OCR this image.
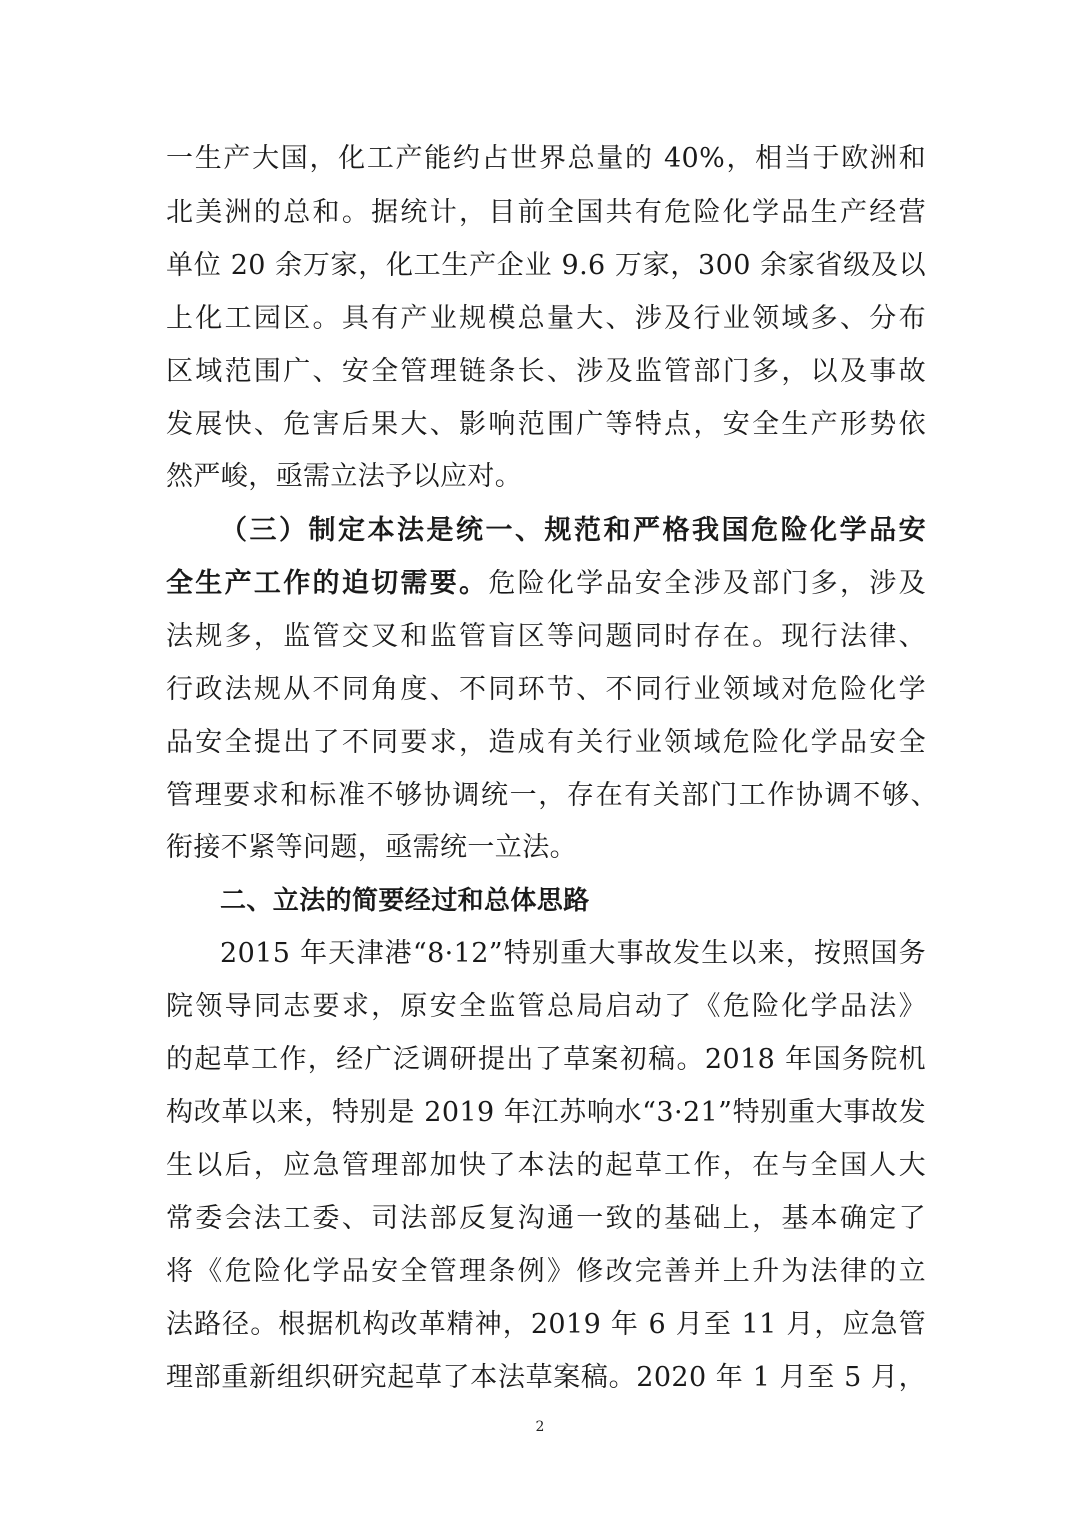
一生产大国，化工产能约占世界总量的 40%，相当于欧洲和
北美洲的总和。据统计，目前全国共有危险化学品生产经营
单位 20 余万家，化工生产企业 9.6 万家，300 余家省级及以
上化工园区。具有产业规模总量大、涉及行业领域多、分布
区域范围广、安全管理链条长、涉及监管部门多，以及事故
发展快、危害后果大、影响范围广等特点，安全生产形势依
然严峻，亟需立法予以应对。
（三）制定本法是统一、规范和严格我国危险化学品安
全生产工作的迫切需要。危险化学品安全涉及部门多，涉及
法规多，监管交叉和监管盲区等问题同时存在。现行法律、
行政法规从不同角度、不同环节、不同行业领域对危险化学
品安全提出了不同要求，造成有关行业领域危险化学品安全
管理要求和标准不够协调统一，存在有关部门工作协调不够、
衔接不紧等问题，亟需统一立法。
二、立法的简要经过和总体思路
2015 年天津港“8·12”特别重大事故发生以来，按照国务
院领导同志要求，原安全监管总局启动了《危险化学品法》
的起草工作，经广泛调研提出了草案初稿。2018 年国务院机
构改革以来，特别是 2019 年江苏响水“3·21”特别重大事故发
生以后，应急管理部加快了本法的起草工作，在与全国人大
常委会法工委、司法部反复沟通一致的基础上，基本确定了
将《危险化学品安全管理条例》修改完善并上升为法律的立
法路径。根据机构改革精神，2019 年 6 月至 11 月，应急管
理部重新组织研究起草了本法草案稿。2020 年 1 月至 5 月，
2
